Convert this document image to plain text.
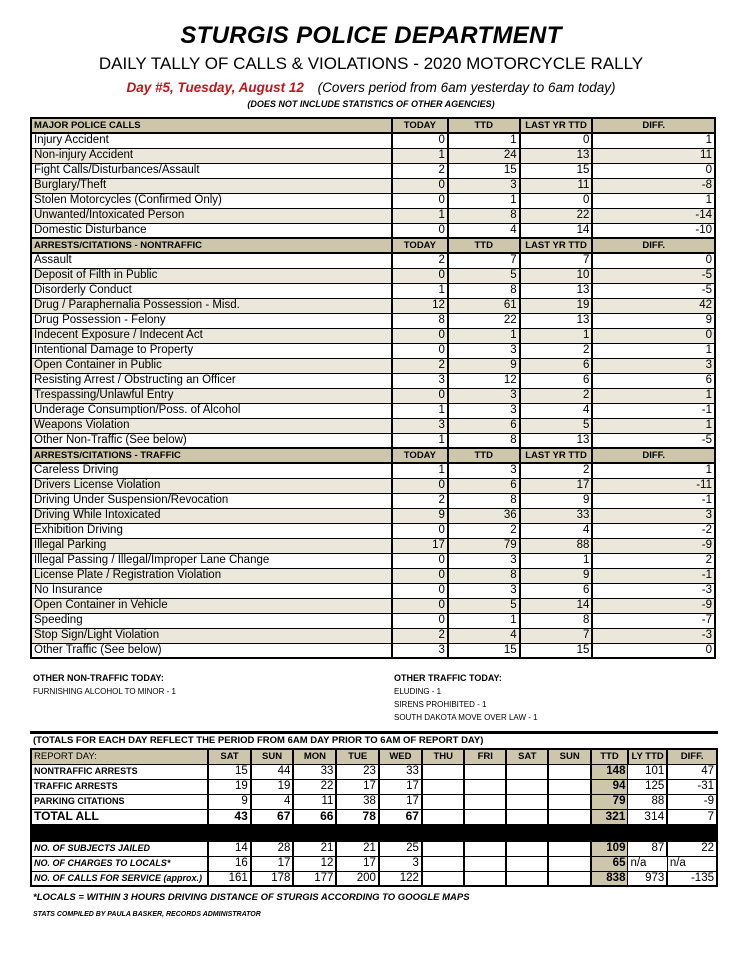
STURGIS POLICE DEPARTMENT
DAILY TALLY OF CALLS & VIOLATIONS - 2020 MOTORCYCLE RALLY
Day #5, Tuesday, August 12 (Covers period from 6am yesterday to 6am today)
(DOES NOT INCLUDE STATISTICS OF OTHER AGENCIES)
MAJOR POLICE CALLS	TODAY	TTD	LAST YR TTD	DIFF.
Injury Accident	0	1	0	1
Non-injury Accident	1	24	13	11
Fight Calls/Disturbances/Assault	2	15	15	0
Burglary/Theft	0	3	11	-8
Stolen Motorcycles (Confirmed Only)	0	1	0	1
Unwanted/Intoxicated Person	1	8	22	-14
Domestic Disturbance	0	4	14	-10
ARRESTS/CITATIONS - NONTRAFFIC	TODAY	TTD	LAST YR TTD	DIFF.
Assault	2	7	7	0
Deposit of Filth in Public	0	5	10	-5
Disorderly Conduct	1	8	13	-5
Drug / Paraphernalia Possession - Misd.	12	61	19	42
Drug Possession - Felony	8	22	13	9
Indecent Exposure / Indecent Act	0	1	1	0
Intentional Damage to Property	0	3	2	1
Open Container in Public	2	9	6	3
Resisting Arrest / Obstructing an Officer	3	12	6	6
Trespassing/Unlawful Entry	0	3	2	1
Underage Consumption/Poss. of Alcohol	1	3	4	-1
Weapons Violation	3	6	5	1
Other Non-Traffic (See below)	1	8	13	-5
ARRESTS/CITATIONS - TRAFFIC	TODAY	TTD	LAST YR TTD	DIFF.
Careless Driving	1	3	2	1
Drivers License Violation	0	6	17	-11
Driving Under Suspension/Revocation	2	8	9	-1
Driving While Intoxicated	9	36	33	3
Exhibition Driving	0	2	4	-2
Illegal Parking	17	79	88	-9
Illegal Passing / Illegal/Improper Lane Change	0	3	1	2
License Plate / Registration Violation	0	8	9	-1
No Insurance	0	3	6	-3
Open Container in Vehicle	0	5	14	-9
Speeding	0	1	8	-7
Stop Sign/Light Violation	2	4	7	-3
Other Traffic (See below)	3	15	15	0
OTHER NON-TRAFFIC TODAY:
FURNISHING ALCOHOL TO MINOR - 1
OTHER TRAFFIC TODAY:
ELUDING - 1
SIRENS PROHIBITED - 1
SOUTH DAKOTA MOVE OVER LAW - 1
(TOTALS FOR EACH DAY REFLECT THE PERIOD FROM 6AM DAY PRIOR TO 6AM OF REPORT DAY)
REPORT DAY:	SAT	SUN	MON	TUE	WED	THU	FRI	SAT	SUN	TTD	LY TTD	DIFF.
NONTRAFFIC ARRESTS	15	44	33	23	33					148	101	47
TRAFFIC ARRESTS	19	19	22	17	17					94	125	-31
PARKING CITATIONS	9	4	11	38	17					79	88	-9
TOTAL ALL	43	67	66	78	67					321	314	7

NO. OF SUBJECTS JAILED	14	28	21	21	25					109	87	22
NO. OF CHARGES TO LOCALS*	16	17	12	17	3					65	n/a	n/a
NO. OF CALLS FOR SERVICE (approx.)	161	178	177	200	122					838	973	-135
*LOCALS = WITHIN 3 HOURS DRIVING DISTANCE OF STURGIS ACCORDING TO GOOGLE MAPS
STATS COMPILED BY PAULA BASKER, RECORDS ADMINISTRATOR
